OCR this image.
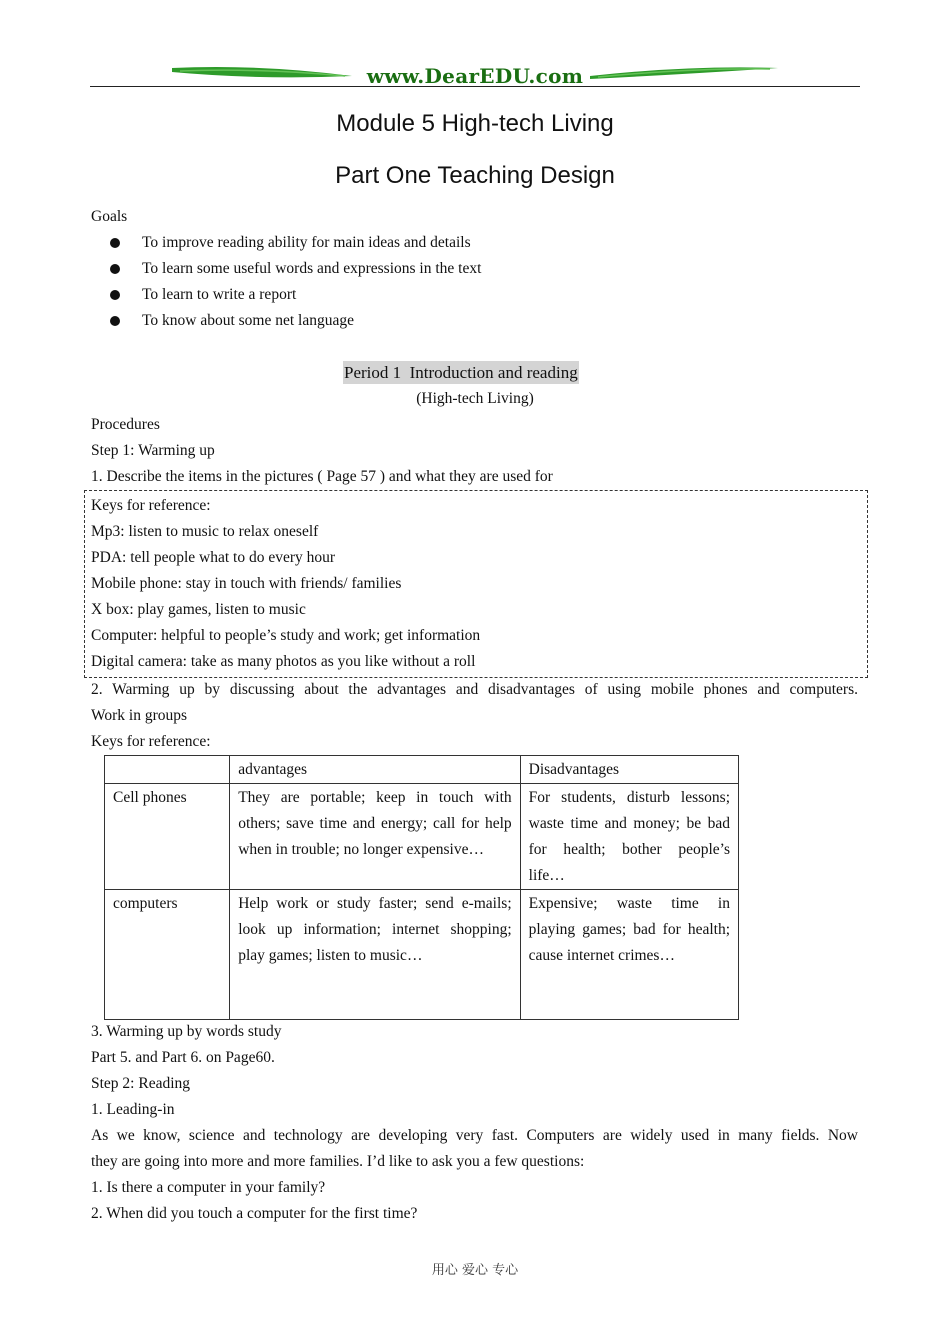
www.DearEDU.com
Module 5 High-tech Living
Part One Teaching Design
Goals
To improve reading ability for main ideas and details
To learn some useful words and expressions in the text
To learn to write a report
To know about some net language
Period 1  Introduction and reading
(High-tech Living)
Procedures
Step 1: Warming up
1. Describe the items in the pictures ( Page 57 ) and what they are used for
Keys for reference:
Mp3: listen to music to relax oneself
PDA: tell people what to do every hour
Mobile phone: stay in touch with friends/ families
X box: play games, listen to music
Computer: helpful to people’s study and work; get information
Digital camera: take as many photos as you like without a roll
2. Warming up by discussing about the advantages and disadvantages of using mobile phones and computers.
Work in groups
Keys for reference:
	advantages	Disadvantages
Cell phones	They are portable; keep in touch with others; save time and energy; call for help when in trouble; no longer expensive…	For students, disturb lessons; waste time and money; be bad for health; bother people’s life…
computers	Help work or study faster; send e-mails; look up information; internet shopping; play games; listen to music…	Expensive; waste time in playing games; bad for health; cause internet crimes…
3. Warming up by words study
Part 5. and Part 6. on Page60.
Step 2: Reading
1. Leading-in
As we know, science and technology are developing very fast. Computers are widely used in many fields. Now
they are going into more and more families. I’d like to ask you a few questions:
1. Is there a computer in your family?
2. When did you touch a computer for the first time?
用心 爱心 专心
